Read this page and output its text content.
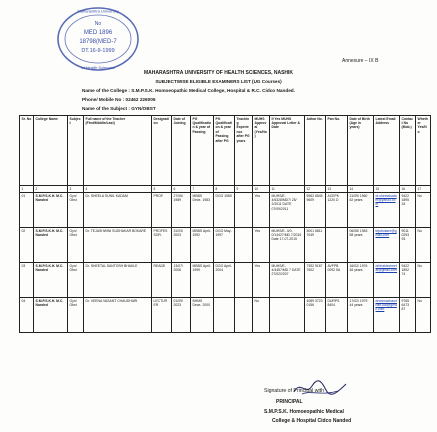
Maharashtra University
of Health Sciences
No
MED 1896
18798(MED-7
DT.16-9-1999
Annexure – IX B
MAHARASHTRA UNIVERSITY OF HEALTH SCIENCES, NASHIK
SUBJECTWISE ELIGIBLE EXAMINERS LIST (UG Courses)
Name of the College : S.M.P.S.K. Homoeopathic Medical College, Hospital & R.C. Cidco Nanded.
Phone/ Mobile No : 02462 226005
Name of the Subject : GYN/OBST
Sr. No	College Name	Subject	Full name of the Teacher (First/Middle/Last)	Designation	Date of Joining	PG Qualification & year of Passing	PG Qualification & year of Passing after PG	Teaching Experience after PG years	MUHS Approval (Yes/No)	If Yes MUHS Approval Letter & Date	Adhar No.	Pan No.	Date of Birth (Age in years)	Latest Email Address	Contact No (Mob.)	Whether Yes/No
1	2	3	4	5	6	7	8	9	10	11	12	13	14	15	16	17
01	S.M.P.S.K.H. M.C. Nanded	Gyn/ Obst	Dr. SHEELA SUNIL KADAM	PROF.	27/06/ 1989	MBBS Dece- 1983	DGO 1985		Yes	MUHS/E- 4/6328/MD7/ 25/ 2/2011 DATE 07/09/2011	5962 6545 9609	ACEPK 1220 D	21/09/ 1960 62 years	dr.sheelakadam@yahoo.com	9422 1895 34	No
02	S.M.P.S.K.H. M.C. Nanded	Gyn/ Obst	Dr. TEJASHWINI SUDHAKAR BOKARE	PROFES SOR.	31/03/ 2003	MBBS April- 1992	DGO May- 1997		Yes	MUHS/E- 4/0-0/14427/MD 7/2015 Date 17-07-2015	5001 6811 7049		06/08/ 1963 58 years	tejubokare@gmail.com	9011 0293 93	No
03	S.M.P.S.K.H. M.C. Nanded	Gyn/ Obst	Dr. SHEETAL SANTOSH BHAKLE	READE.	13/07/ 2006	MBBS April- 1999	DGO April- 2004		Yes	MUHS/E- 4/4457/MD 7 DATE 27/02/2007	7392 9187 7602	AVFPB 0092 5A	16/02/ 1976 46 years	drbhaklesheetal@gmail.com	9422 1892 74	No
04	S.M.P.S.K.H. M.C. Nanded	Gyn/ Obst	Dr. VEENA VASANT CHAUDHARI	LECTUR ER	01/09/ 2023	BHMS Dece- 2000			No		4089 3723 0156	DURPS 8404	17/02/ 1979 44 years	drveenachaudhari158@gmail.com	9765 6473 87	No
Signature of Principal with
PRINCIPAL
S.M.P.S.K. Homoeopathic Medical
College & Hospital Cidco Nanded
